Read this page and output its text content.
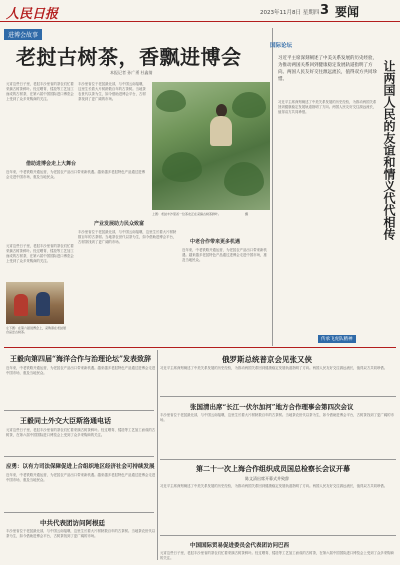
人民日报	2023年11月8日 星期四 3 要闻
进博会故事
老挝古树茶，香飘进博会
本报记者 孙广勇 杜鑫倩
元宵这些日子里，老挝丰沙里省的茶农们忙着采摘古树茶鲜叶。经过晒青、揉捻等工艺加工而成的古树茶，在第六届中国国际进口博览会上受到了众多采购商的关注。
丰沙里省位于老挝最北部，与中国云南接壤，这里生长着大片树龄数百年的古茶树。当地茶农世代以茶为生，如今借助进博会平台，古树茶找到了更广阔的市场。
借助进博会走上大舞台
近年来，中老铁路开通运营，为老挝农产品出口带来新机遇。越来越多老挝特色产品通过进博会走进中国市场，惠及当地民众。
上图：老挝丰沙里省一位茶农正在采摘古树茶鲜叶。	摄
产业发展助力民众致富
中老合作带来更多机遇
元宵这些日子里，老挝丰沙里省的茶农们忙着采摘古树茶鲜叶。经过晒青、揉捻等工艺加工而成的古树茶，在第六届中国国际进口博览会上受到了众多采购商的关注。
丰沙里省位于老挝最北部，与中国云南接壤，这里生长着大片树龄数百年的古茶树。当地茶农世代以茶为生，如今借助进博会平台，古树茶找到了更广阔的市场。
近年来，中老铁路开通运营，为老挝农产品出口带来新机遇。越来越多老挝特色产品通过进博会走进中国市场，惠及当地民众。
左下图：在第六届进博会上，采购商在老挝展台品尝古树茶。
国际论坛
习近平主席深刻阐述了中美关系发展的历史经验，为推动两国关系回到健康稳定发展轨道指明了方向。两国人民友好交往源远流长，值得双方共同珍惜。	让两国人民的友谊和情义代代相传
习近平主席深刻阐述了中美关系发展的历史经验，为推动两国关系回到健康稳定发展轨道指明了方向。两国人民友好交往源远流长，值得双方共同珍惜。
传承飞虎队精神
王毅向第四届“海洋合作与治理论坛”发表致辞
近年来，中老铁路开通运营，为老挝农产品出口带来新机遇。越来越多老挝特色产品通过进博会走进中国市场，惠及当地民众。
俄罗斯总统普京会见张又侠
习近平主席深刻阐述了中美关系发展的历史经验，为推动两国关系回到健康稳定发展轨道指明了方向。两国人民友好交往源远流长，值得双方共同珍惜。
张国清出席“长江一伏尔加河”地方合作理事会第四次会议
丰沙里省位于老挝最北部，与中国云南接壤，这里生长着大片树龄数百年的古茶树。当地茶农世代以茶为生，如今借助进博会平台，古树茶找到了更广阔的市场。
王毅同土外交大臣斯洛通电话
元宵这些日子里，老挝丰沙里省的茶农们忙着采摘古树茶鲜叶。经过晒青、揉捻等工艺加工而成的古树茶，在第六届中国国际进口博览会上受到了众多采购商的关注。
应勇：以有力司法保障促进上合组织地区经济社会可持续发展
近年来，中老铁路开通运营，为老挝农产品出口带来新机遇。越来越多老挝特色产品通过进博会走进中国市场，惠及当地民众。
第二十一次上海合作组织成员国总检察长会议开幕
陈文清出席开幕式并致辞
习近平主席深刻阐述了中美关系发展的历史经验，为推动两国关系回到健康稳定发展轨道指明了方向。两国人民友好交往源远流长，值得双方共同珍惜。
中共代表团访问阿根廷
丰沙里省位于老挝最北部，与中国云南接壤，这里生长着大片树龄数百年的古茶树。当地茶农世代以茶为生，如今借助进博会平台，古树茶找到了更广阔的市场。
中国国际贸易促进委员会代表团访问巴西
元宵这些日子里，老挝丰沙里省的茶农们忙着采摘古树茶鲜叶。经过晒青、揉捻等工艺加工而成的古树茶，在第六届中国国际进口博览会上受到了众多采购商的关注。
